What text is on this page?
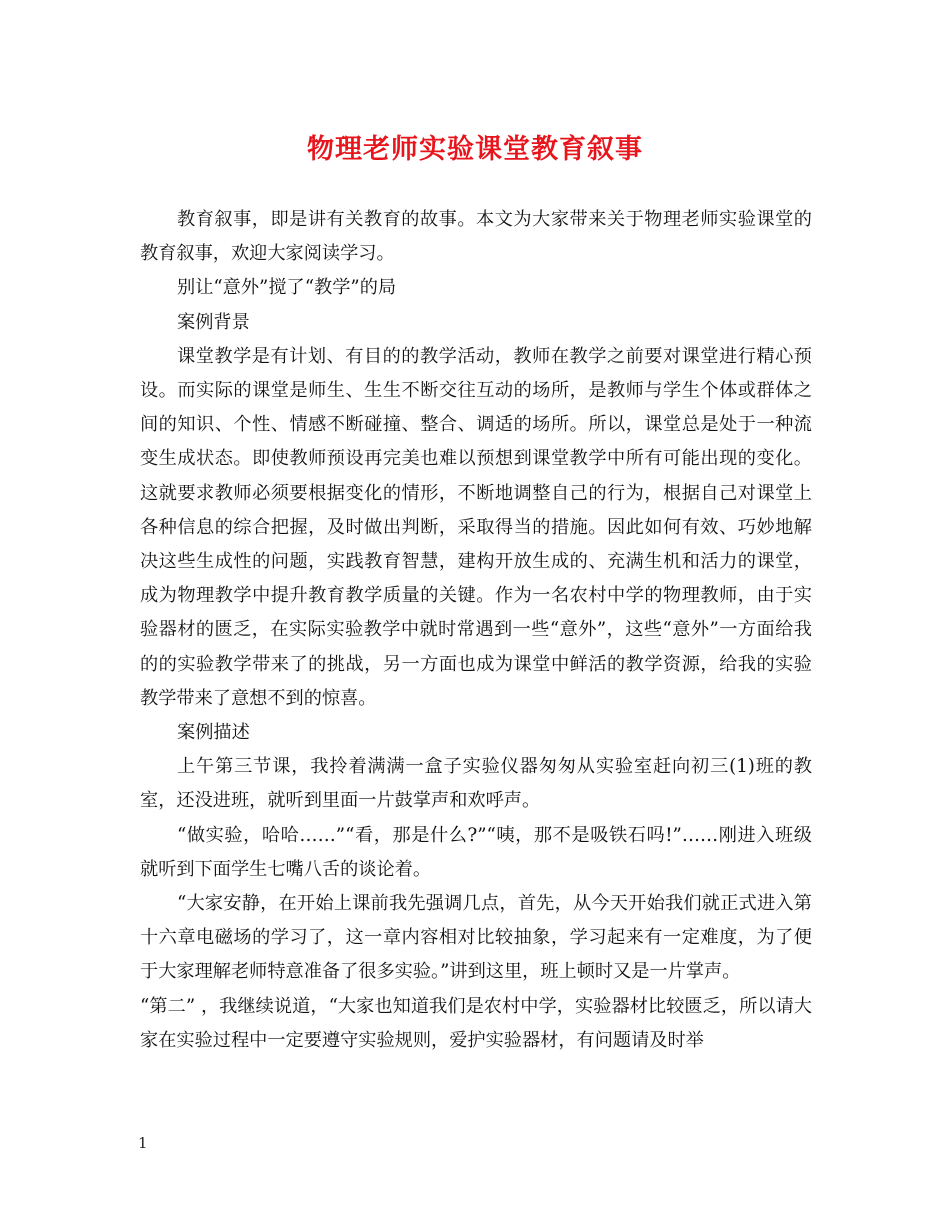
物理老师实验课堂教育叙事

教育叙事，即是讲有关教育的故事。本文为大家带来关于物理老师实验课堂的教育叙事，欢迎大家阅读学习。

别让“意外”搅了“教学”的局

案例背景

课堂教学是有计划、有目的的教学活动，教师在教学之前要对课堂进行精心预设。而实际的课堂是师生、生生不断交往互动的场所，是教师与学生个体或群体之间的知识、个性、情感不断碰撞、整合、调适的场所。所以，课堂总是处于一种流变生成状态。即使教师预设再完美也难以预想到课堂教学中所有可能出现的变化。这就要求教师必须要根据变化的情形，不断地调整自己的行为，根据自己对课堂上各种信息的综合把握，及时做出判断，采取得当的措施。因此如何有效、巧妙地解决这些生成性的问题，实践教育智慧，建构开放生成的、充满生机和活力的课堂，成为物理教学中提升教育教学质量的关键。作为一名农村中学的物理教师，由于实验器材的匮乏，在实际实验教学中就时常遇到一些“意外”，这些“意外”一方面给我的的实验教学带来了的挑战，另一方面也成为课堂中鲜活的教学资源，给我的实验教学带来了意想不到的惊喜。

案例描述

上午第三节课，我拎着满满一盒子实验仪器匆匆从实验室赶向初三(1)班的教室，还没进班，就听到里面一片鼓掌声和欢呼声。

“做实验，哈哈……”“看，那是什么?”“咦，那不是吸铁石吗!”……刚进入班级就听到下面学生七嘴八舌的谈论着。

“大家安静，在开始上课前我先强调几点，首先，从今天开始我们就正式进入第十六章电磁场的学习了，这一章内容相对比较抽象，学习起来有一定难度，为了便于大家理解老师特意准备了很多实验。”讲到这里，班上顿时又是一片掌声。

“第二” ，我继续说道，“大家也知道我们是农村中学，实验器材比较匮乏，所以请大家在实验过程中一定要遵守实验规则，爱护实验器材，有问题请及时举

1
